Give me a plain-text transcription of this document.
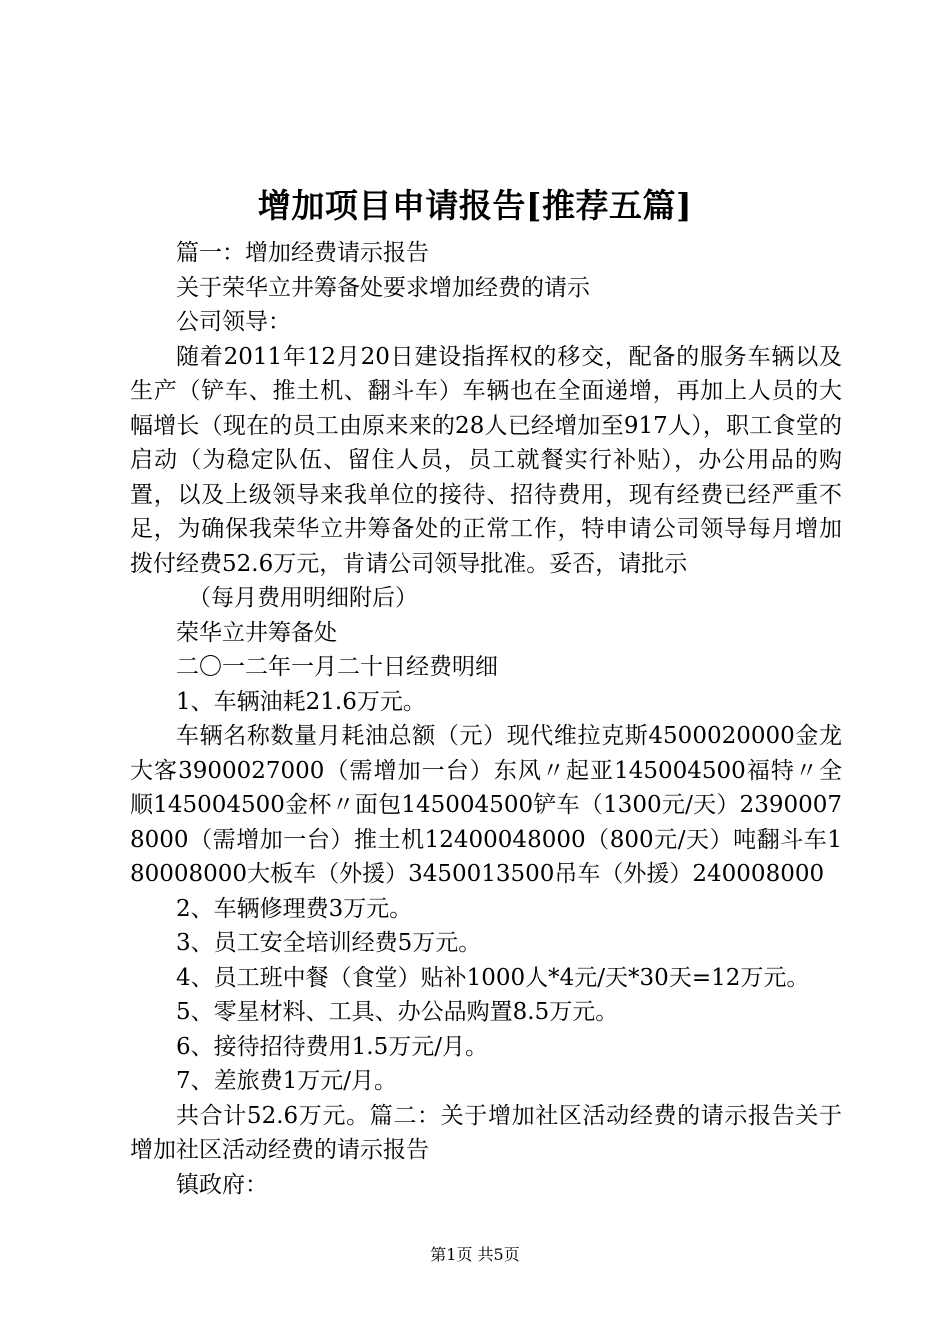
增加项目申请报告[推荐五篇]

篇一：增加经费请示报告

关于荣华立井筹备处要求增加经费的请示

公司领导：

随着2011年12月20日建设指挥权的移交，配备的服务车辆以及生产（铲车、推土机、翻斗车）车辆也在全面递增，再加上人员的大幅增长（现在的员工由原来来的28人已经增加至917人），职工食堂的启动（为稳定队伍、留住人员，员工就餐实行补贴），办公用品的购置，以及上级领导来我单位的接待、招待费用，现有经费已经严重不足，为确保我荣华立井筹备处的正常工作，特申请公司领导每月增加拨付经费52.6万元，肯请公司领导批准。妥否，请批示

（每月费用明细附后）

荣华立井筹备处

二〇一二年一月二十日经费明细

1、车辆油耗21.6万元。

车辆名称数量月耗油总额（元）现代维拉克斯4500020000金龙大客3900027000（需增加一台）东风〃起亚145004500福特〃全顺145004500金杯〃面包145004500铲车（1300元/天）23900078000（需增加一台）推土机12400048000（800元/天）吨翻斗车180008000大板车（外援）3450013500吊车（外援）240008000

2、车辆修理费3万元。

3、员工安全培训经费5万元。

4、员工班中餐（食堂）贴补1000人*4元/天*30天=12万元。

5、零星材料、工具、办公品购置8.5万元。

6、接待招待费用1.5万元/月。

7、差旅费1万元/月。

共合计52.6万元。篇二：关于增加社区活动经费的请示报告关于增加社区活动经费的请示报告

镇政府：

第1页 共5页
